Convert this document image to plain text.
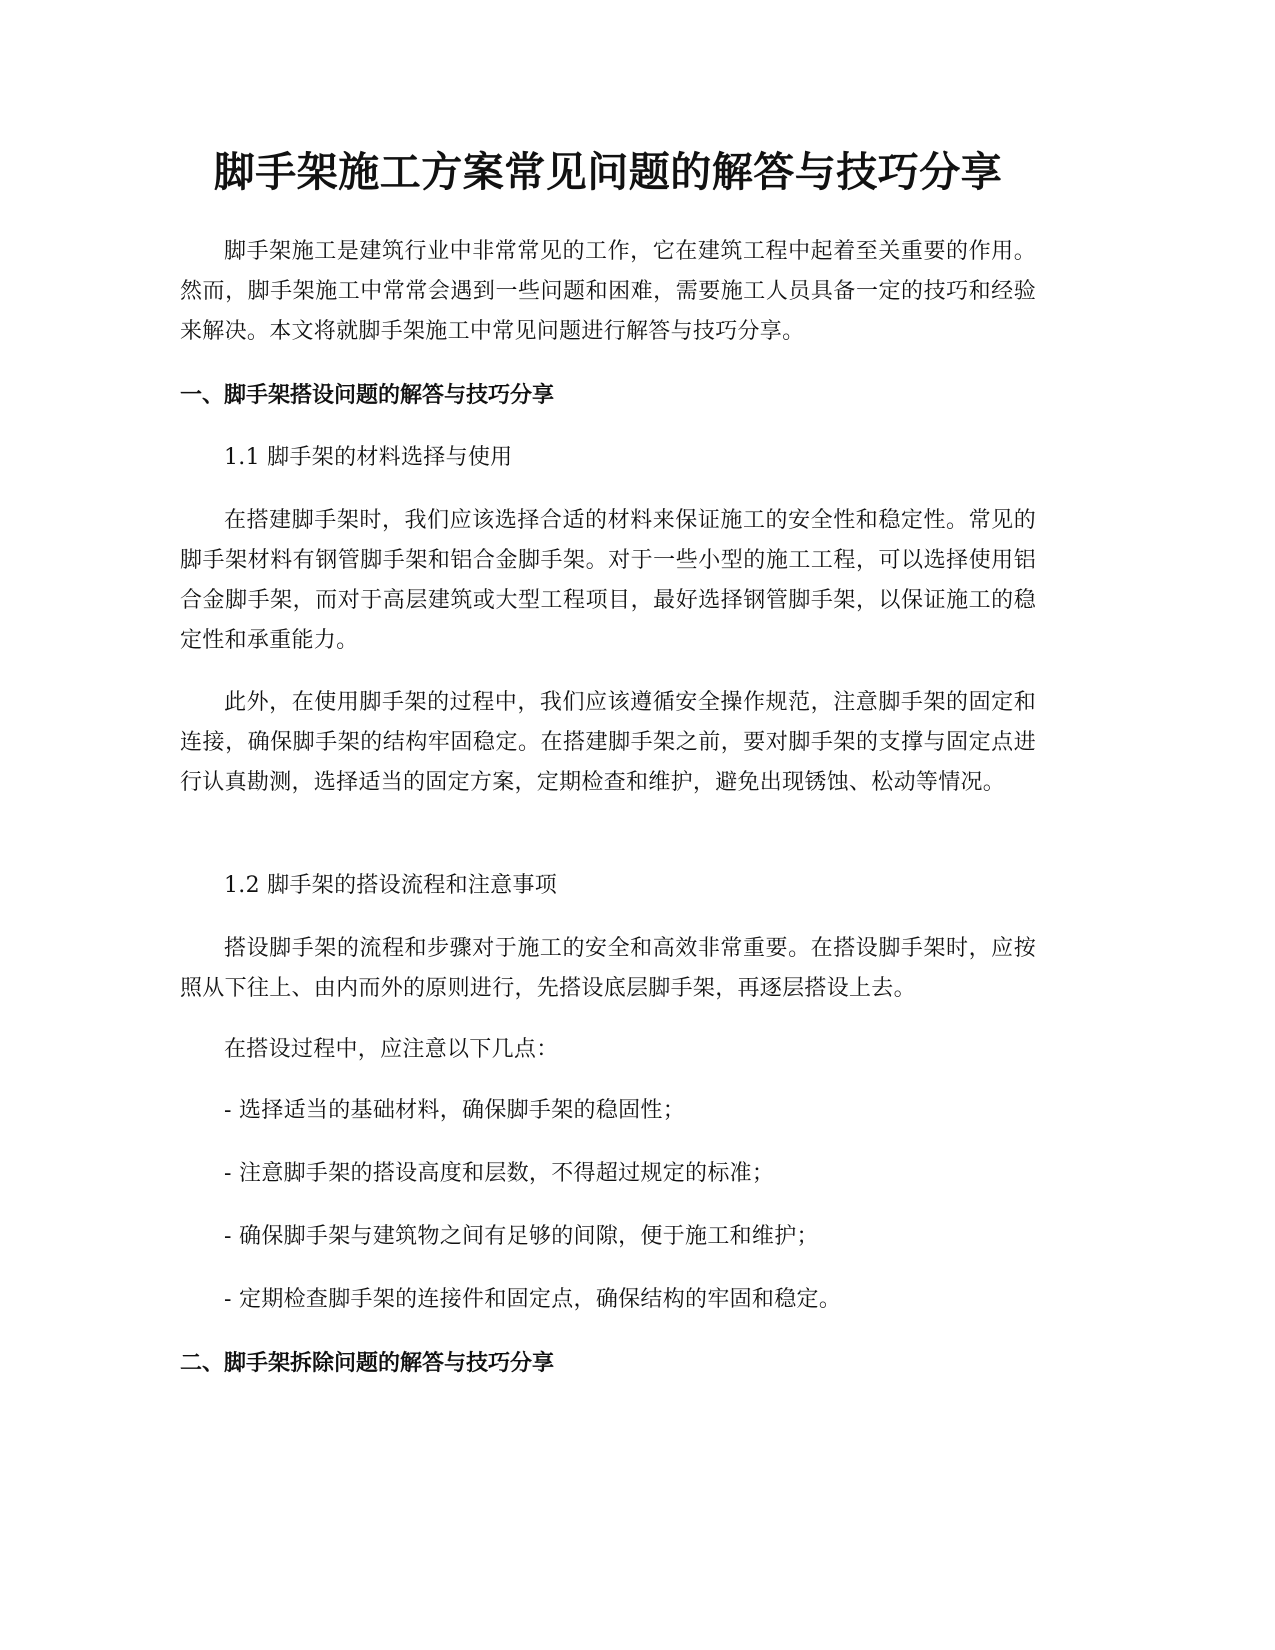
脚手架施工方案常见问题的解答与技巧分享

脚手架施工是建筑行业中非常常见的工作，它在建筑工程中起着至关重要的作用。然而，脚手架施工中常常会遇到一些问题和困难，需要施工人员具备一定的技巧和经验来解决。本文将就脚手架施工中常见问题进行解答与技巧分享。

一、脚手架搭设问题的解答与技巧分享

1.1 脚手架的材料选择与使用

在搭建脚手架时，我们应该选择合适的材料来保证施工的安全性和稳定性。常见的脚手架材料有钢管脚手架和铝合金脚手架。对于一些小型的施工工程，可以选择使用铝合金脚手架，而对于高层建筑或大型工程项目，最好选择钢管脚手架，以保证施工的稳定性和承重能力。

此外，在使用脚手架的过程中，我们应该遵循安全操作规范，注意脚手架的固定和连接，确保脚手架的结构牢固稳定。在搭建脚手架之前，要对脚手架的支撑与固定点进行认真勘测，选择适当的固定方案，定期检查和维护，避免出现锈蚀、松动等情况。

1.2 脚手架的搭设流程和注意事项

搭设脚手架的流程和步骤对于施工的安全和高效非常重要。在搭设脚手架时，应按照从下往上、由内而外的原则进行，先搭设底层脚手架，再逐层搭设上去。

在搭设过程中，应注意以下几点：

- 选择适当的基础材料，确保脚手架的稳固性；

- 注意脚手架的搭设高度和层数，不得超过规定的标准；

- 确保脚手架与建筑物之间有足够的间隙，便于施工和维护；

- 定期检查脚手架的连接件和固定点，确保结构的牢固和稳定。

二、脚手架拆除问题的解答与技巧分享
